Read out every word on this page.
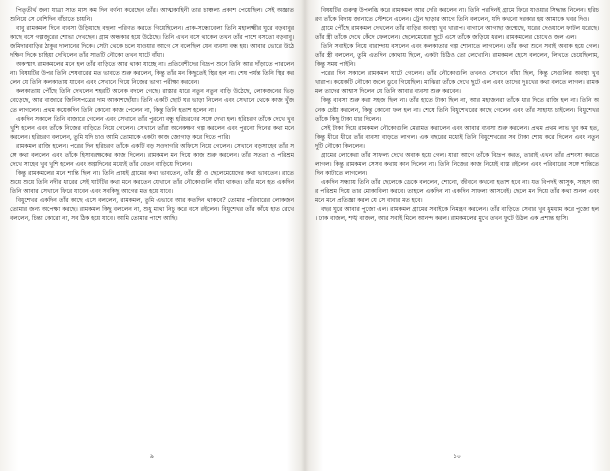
পিতৃতীর্থ জন্য যাত্রা সাত মাস কম দিন বর্ণনা করেছেন তাঁর। আত্মকাহিনী তার চাঞ্চল্য প্রকাশ পেয়েছিল। সেই অজ্ঞাত শুনিয়ে সে বেশিদিন বাঁচাতে চায়নি।

বাবু রামকমল দিনে ব্যবসা উড়িয়াছে বহুলা পরিণত করতে গিয়েছিলেন। প্রাক-সন্ধ্যেবেলা তিনি মহালক্ষ্মীর ঘুরে বড়বাবুর কাছে বসে গল্পজুরের শোভা দেখছেন। গ্রাম অন্ধকার হয়ে উঠেছে। তিনি এখন বসে থাকেন তখন তাঁর পাশে বসতো বড়বাবু। জমিদারবাড়ির ঠাকুর দালানের দিকে। সেটা থেকে চলে যাওয়ার আগে সে বলেছিল যেন ব্যবসা বন্ধ হয়। আবার ভোরে উঠে দক্ষিণ দিকে চাহিয়া দেখিলেন তাঁর সাতটি নৌকো তখন ঘাটে বাঁধা।

অকস্মাৎ রামকমলের মনে হল তাঁর বাড়িতে আর থাকা যাচ্ছে না। প্রতিবেশীদের বিদ্রূপ শুনে তিনি আর দাঁড়াতে পারলেন না। বিষয়টির উপর তিনি শেষবারের মত ভাবতে শুরু করলেন, কিন্তু তাঁর মন কিছুতেই স্থির হল না। শেষ পর্যন্ত তিনি স্থির করলেন যে তিনি কলকাতায় যাবেন এবং সেখানে গিয়ে নিজের ভাগ্য পরীক্ষা করবেন।

কলকাতায় পৌঁছে তিনি দেখলেন শহরটি অনেক বদলে গেছে। রাস্তার ধারে নতুন নতুন বাড়ি উঠেছে, লোকজনের ভিড় বেড়েছে, আর বাজারে জিনিসপত্রের দাম আকাশছোঁয়া। তিনি একটি ছোট ঘর ভাড়া নিলেন এবং সেখানে থেকে কাজ খুঁজতে লাগলেন। প্রথম কয়েকদিন তিনি কোনো কাজ পেলেন না, কিন্তু তিনি হতাশ হলেন না।

একদিন সকালে তিনি বাজারে গেলেন এবং সেখানে তাঁর পুরনো বন্ধু হরিচরণের সঙ্গে দেখা হল। হরিচরণ তাঁকে দেখে খুব খুশি হলেন এবং তাঁকে নিজের বাড়িতে নিয়ে গেলেন। সেখানে তাঁরা অনেকক্ষণ গল্প করলেন এবং পুরনো দিনের কথা মনে করলেন। হরিচরণ বললেন, তুমি যদি চাও আমি তোমাকে একটা কাজ জোগাড় করে দিতে পারি।

রামকমল রাজি হলেন। পরের দিন হরিচরণ তাঁকে একটি বড় সওদাগরি অফিসে নিয়ে গেলেন। সেখানে বড়সাহেব তাঁর সঙ্গে কথা বললেন এবং তাঁকে হিসাবরক্ষকের কাজ দিলেন। রামকমল মন দিয়ে কাজ শুরু করলেন। তাঁর সততা ও পরিশ্রম দেখে সাহেব খুব খুশি হলেন এবং অল্পদিনের মধ্যেই তাঁর বেতন বাড়িয়ে দিলেন।

কিন্তু রামকমলের মনে শান্তি ছিল না। তিনি প্রায়ই গ্রামের কথা ভাবতেন, তাঁর স্ত্রী ও ছেলেমেয়েদের কথা ভাবতেন। রাতে শুয়ে শুয়ে তিনি নদীর ধারের সেই ঘাটটির কথা মনে করতেন যেখানে তাঁর নৌকোগুলি বাঁধা থাকত। তাঁর মনে হত একদিন তিনি আবার সেখানে ফিরে যাবেন এবং সবকিছু আগের মত হয়ে যাবে।

বিধুশেখর একদিন তাঁর কাছে এসে বললেন, রামকমল, তুমি এভাবে আর কতদিন থাকবে? তোমার পরিবারের লোকজন তোমার জন্য অপেক্ষা করছে। রামকমল কিছু বললেন না, শুধু মাথা নিচু করে বসে রইলেন। বিধুশেখর তাঁর কাঁধে হাত রেখে বললেন, চিন্তা কোরো না, সব ঠিক হয়ে যাবে। আমি তোমার পাশে আছি।

৯

বিষয়টির গুরুত্ব উপলব্ধি করে রামকমল আর দেরি করলেন না। তিনি পরদিনই গ্রামে ফিরে যাওয়ার সিদ্ধান্ত নিলেন। হরিচরণ তাঁকে বিদায় জানাতে স্টেশনে এলেন। ট্রেন ছাড়ার আগে তিনি বললেন, যদি কখনো দরকার হয় আমাকে খবর দিও।

গ্রামে পৌঁছে রামকমল দেখলেন তাঁর বাড়ির অবস্থা খুব খারাপ। বাগানে আগাছা জন্মেছে, ঘরের দেওয়ালে ফাটল ধরেছে। তাঁর স্ত্রী তাঁকে দেখে কেঁদে ফেললেন। ছেলেমেয়েরা ছুটে এসে তাঁকে জড়িয়ে ধরল। রামকমলের চোখেও জল এল।

তিনি সবাইকে নিয়ে বারান্দায় বসলেন এবং কলকাতার গল্প শোনাতে লাগলেন। তাঁর কথা শুনে সবাই অবাক হয়ে গেল। তাঁর স্ত্রী বললেন, তুমি এতদিন কোথায় ছিলে, একটা চিঠিও তো লেখোনি। রামকমল হেসে বললেন, লিখতে চেয়েছিলাম, কিন্তু সময় পাইনি।

পরের দিন সকালে রামকমল ঘাটে গেলেন। তাঁর নৌকোগুলি তখনও সেখানে বাঁধা ছিল, কিন্তু সেগুলির অবস্থা খুব খারাপ। কয়েকটি নৌকো জলে ডুবে গিয়েছিল। মাঝিরা তাঁকে দেখে ছুটে এল এবং তাদের দুঃখের কথা বলতে লাগল। রামকমল তাদের আশ্বাস দিলেন যে তিনি আবার ব্যবসা শুরু করবেন।

কিন্তু ব্যবসা শুরু করা সহজ ছিল না। তাঁর হাতে টাকা ছিল না, আর মহাজনরা তাঁকে ধার দিতে রাজি হল না। তিনি অনেক চেষ্টা করলেন, কিন্তু কোনো ফল হল না। শেষে তিনি বিধুশেখরের কাছে গেলেন এবং তাঁর সাহায্য চাইলেন। বিধুশেখর তাঁকে কিছু টাকা ধার দিলেন।

সেই টাকা দিয়ে রামকমল নৌকোগুলি মেরামত করালেন এবং আবার ব্যবসা শুরু করলেন। প্রথম প্রথম লাভ খুব কম হত, কিন্তু ধীরে ধীরে তাঁর ব্যবসা বাড়তে লাগল। এক বছরের মধ্যেই তিনি বিধুশেখরের সব টাকা শোধ করে দিলেন এবং নতুন দুটি নৌকো কিনলেন।

গ্রামের লোকেরা তাঁর সাফল্য দেখে অবাক হয়ে গেল। যারা আগে তাঁকে বিদ্রূপ করত, তারাই এখন তাঁর প্রশংসা করতে লাগল। কিন্তু রামকমল সেসব কথায় কান দিলেন না। তিনি নিজের কাজ নিয়েই ব্যস্ত রইলেন এবং পরিবারের সঙ্গে শান্তিতে দিন কাটাতে লাগলেন।

একদিন সন্ধ্যায় তিনি তাঁর ছেলেকে ডেকে বললেন, শোনো, জীবনে কখনো হতাশ হবে না। যত বিপদই আসুক, সাহস আর পরিশ্রম দিয়ে তার মোকাবিলা করবে। তাহলে একদিন না একদিন সাফল্য আসবেই। ছেলে মন দিয়ে তাঁর কথা শুনল এবং মনে মনে প্রতিজ্ঞা করল যে সে বাবার মত হবে।

বছর ঘুরে আবার পুজো এল। রামকমল গ্রামের সবাইকে নিমন্ত্রণ করলেন। তাঁর বাড়িতে সেবার খুব ধুমধাম করে পুজো হল। ঢাক বাজল, শঙ্খ বাজল, আর সবাই মিলে আনন্দ করল। রামকমলের মুখে তখন ফুটে উঠল এক প্রশান্ত হাসি।

১০
